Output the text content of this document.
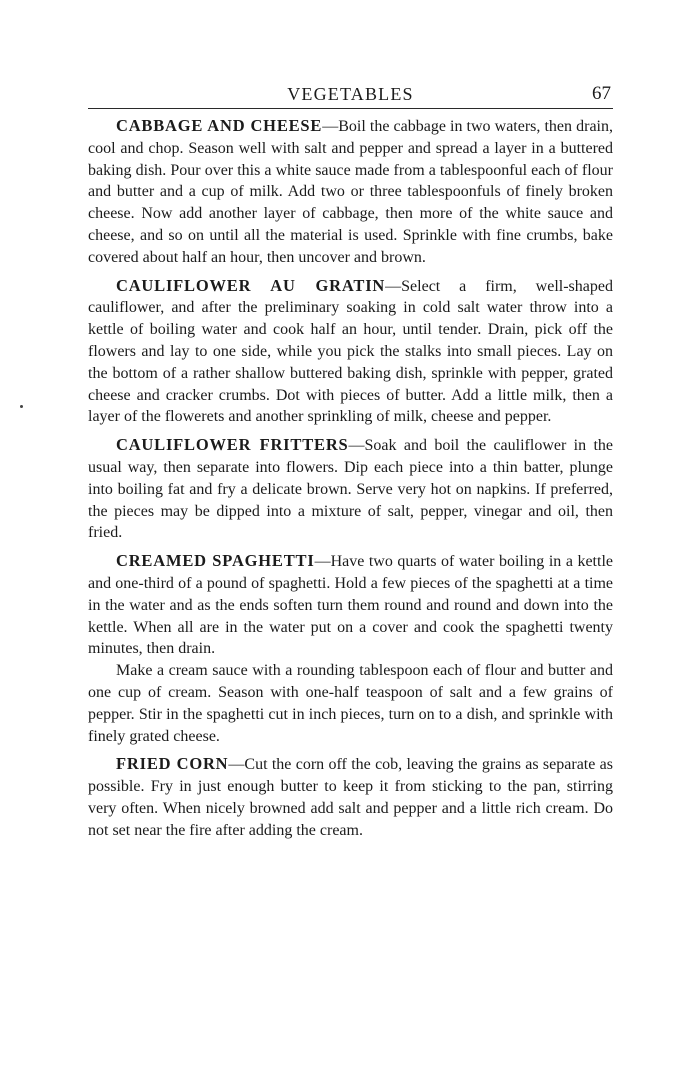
VEGETABLES	67

CABBAGE AND CHEESE—Boil the cabbage in two waters, then drain, cool and chop. Season well with salt and pepper and spread a layer in a buttered baking dish. Pour over this a white sauce made from a tablespoonful each of flour and butter and a cup of milk. Add two or three tablespoonfuls of finely broken cheese. Now add another layer of cabbage, then more of the white sauce and cheese, and so on until all the material is used. Sprinkle with fine crumbs, bake covered about half an hour, then uncover and brown.

CAULIFLOWER AU GRATIN—Select a firm, well-shaped cauliflower, and after the preliminary soaking in cold salt water throw into a kettle of boiling water and cook half an hour, until tender. Drain, pick off the flowers and lay to one side, while you pick the stalks into small pieces. Lay on the bottom of a rather shallow buttered baking dish, sprinkle with pepper, grated cheese and cracker crumbs. Dot with pieces of butter. Add a little milk, then a layer of the flowerets and another sprinkling of milk, cheese and pepper.

CAULIFLOWER FRITTERS—Soak and boil the cauliflower in the usual way, then separate into flowers. Dip each piece into a thin batter, plunge into boiling fat and fry a delicate brown. Serve very hot on napkins. If preferred, the pieces may be dipped into a mixture of salt, pepper, vinegar and oil, then fried.

CREAMED SPAGHETTI—Have two quarts of water boiling in a kettle and one-third of a pound of spaghetti. Hold a few pieces of the spaghetti at a time in the water and as the ends soften turn them round and round and down into the kettle. When all are in the water put on a cover and cook the spaghetti twenty minutes, then drain.

Make a cream sauce with a rounding tablespoon each of flour and butter and one cup of cream. Season with one-half teaspoon of salt and a few grains of pepper. Stir in the spaghetti cut in inch pieces, turn on to a dish, and sprinkle with finely grated cheese.

FRIED CORN—Cut the corn off the cob, leaving the grains as separate as possible. Fry in just enough butter to keep it from sticking to the pan, stirring very often. When nicely browned add salt and pepper and a little rich cream. Do not set near the fire after adding the cream.
